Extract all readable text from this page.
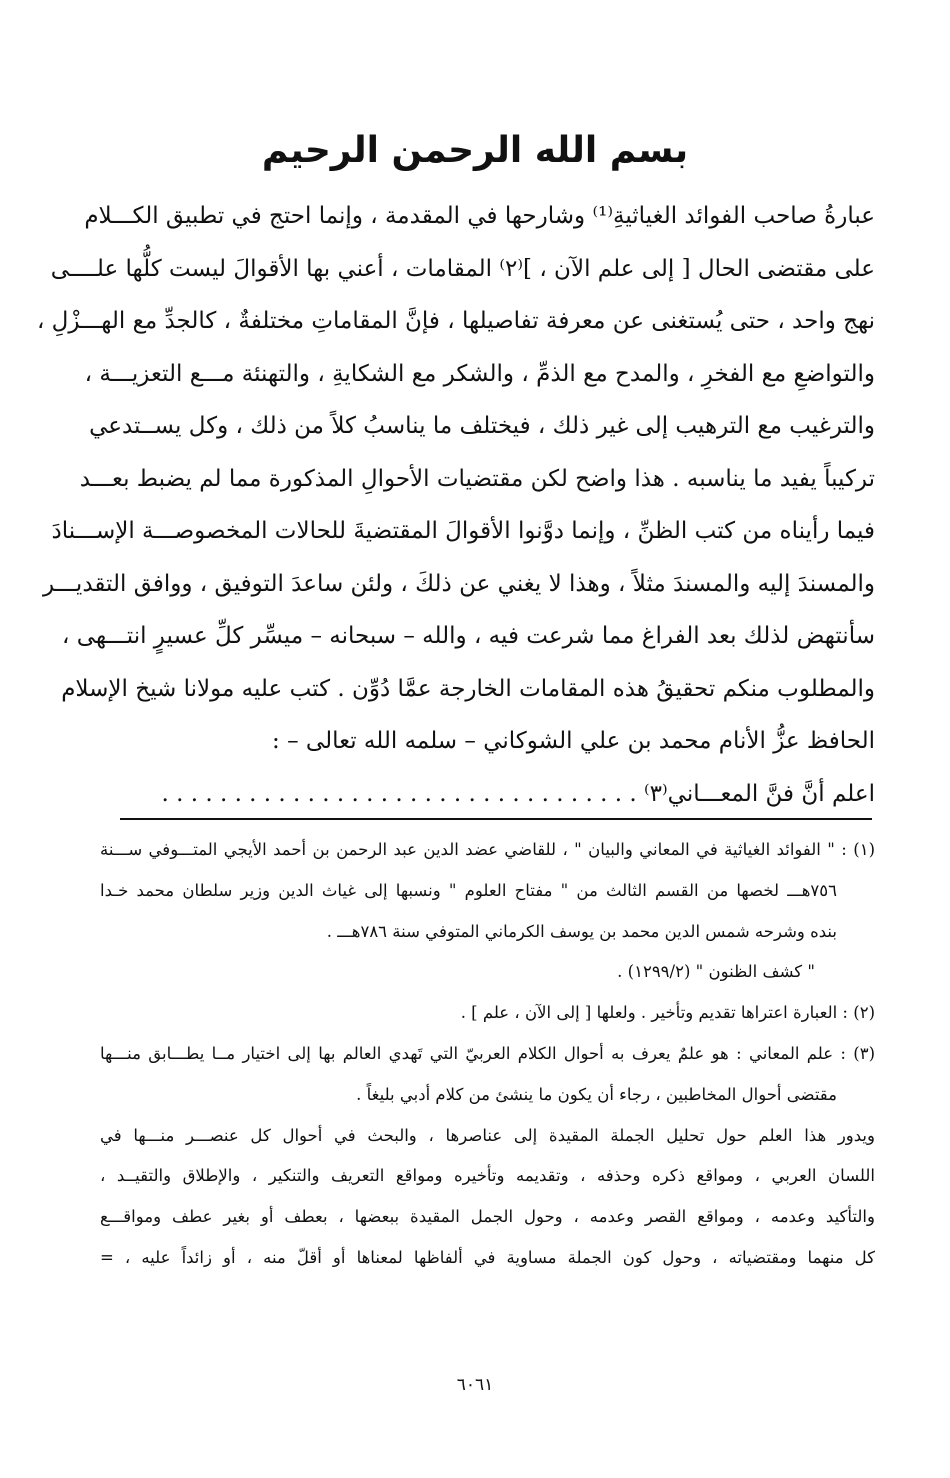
بسم الله الرحمن الرحيم
عبارةُ صاحب الفوائد الغياثيةِ⁽¹⁾ وشارحها في المقدمة ، وإنما احتج في تطبيق الكـــلام
على مقتضى الحال [ إلى علم الآن ، ]⁽٢⁾ المقامات ، أعني بها الأقوالَ ليست كلُّها علــــى
نهج واحد ، حتى يُستغنى عن معرفة تفاصيلها ، فإنَّ المقاماتِ مختلفةٌ ، كالجدِّ مع الهـــزْلِ ،
والتواضعِ مع الفخرِ ، والمدح مع الذمِّ ، والشكر مع الشكايةِ ، والتهنئة مـــع التعزيـــة ،
والترغيب مع الترهيب إلى غير ذلك ، فيختلف ما يناسبُ كلاً من ذلك ، وكل يســتدعي
تركيباً يفيد ما يناسبه . هذا واضح لكن مقتضيات الأحوالِ المذكورة مما لم يضبط بعـــد
فيما رأيناه من كتب الظنِّ ، وإنما دوَّنوا الأقوالَ المقتضيةَ للحالات المخصوصـــة الإســـنادَ
والمسندَ إليه والمسندَ مثلاً ، وهذا لا يغني عن ذلكَ ، ولئن ساعدَ التوفيق ، ووافق التقديـــر
سأنتهض لذلك بعد الفراغ مما شرعت فيه ، والله – سبحانه – ميسِّر كلِّ عسيرٍ انتـــهى ،
والمطلوب منكم تحقيقُ هذه المقامات الخارجة عمَّا دُوِّن . كتب عليه مولانا شيخ الإسلام
الحافظ عزُّ الأنام محمد بن علي الشوكاني – سلمه الله تعالى – :
اعلم أنَّ فنَّ المعـــاني⁽٣⁾ . . . . . . . . . . . . . . . . . . . . . . . . . . . . . . . . .
(١) : " الفوائد الغياثية في المعاني والبيان " ، للقاضي عضد الدين عبد الرحمن بن أحمد الأيجي المتـــوفي ســـنة
٧٥٦هـــ لخصها من القسم الثالث من " مفتاح العلوم " ونسبها إلى غياث الدين وزير سلطان محمد خـدا
بنده وشرحه شمس الدين محمد بن يوسف الكرماني المتوفي سنة ٧٨٦هـــ .
" كشف الظنون " (١٢٩٩/٢) .
(٢) : العبارة اعتراها تقديم وتأخير . ولعلها [ إلى الآن ، علم ] .
(٣) : علم المعاني : هو علمٌ يعرف به أحوال الكلام العربيّ التي تَهدي العالم بها إلى اختيار مــا يطـــابق منـــها
مقتضى أحوال المخاطبين ، رجاء أن يكون ما ينشئ من كلام أدبي بليغاً .
ويدور هذا العلم حول تحليل الجملة المقيدة إلى عناصرها ، والبحث في أحوال كل عنصـــر منـــها في
اللسان العربي ، ومواقع ذكره وحذفه ، وتقديمه وتأخيره ومواقع التعريف والتنكير ، والإطلاق والتقيــد ،
والتأكيد وعدمه ، ومواقع القصر وعدمه ، وحول الجمل المقيدة ببعضها ، بعطف أو بغير عطف ومواقـــع
كل منهما ومقتضياته ، وحول كون الجملة مساوية في ألفاظها لمعناها أو أقلّ منه ، أو زائداً عليه ، =
٦٠٦١
